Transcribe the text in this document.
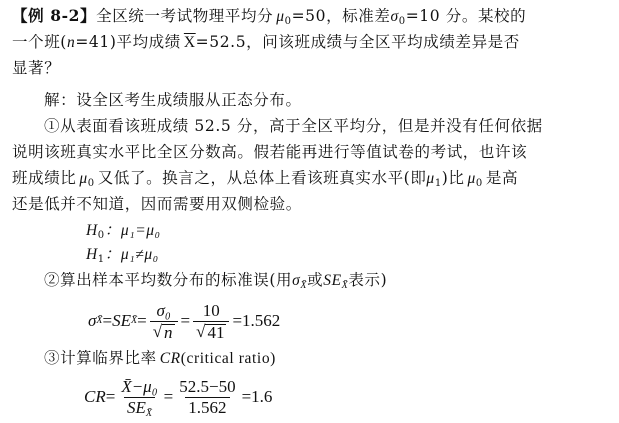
【例 8-2】全区统一考试物理平均分 $\mu_0=50$，标准差$\sigma_0=10$ 分。某校的
一个班(n=41)平均成绩 $\overline{X}=52.5$，问该班成绩与全区平均成绩差异是否
显著？
解：设全区考生成绩服从正态分布。
①从表面看该班成绩 52.5 分，高于全区平均分，但是并没有任何依据
说明该班真实水平比全区分数高。假若能再进行等值试卷的考试，也许该
班成绩比 $\mu_0$ 又低了。换言之，从总体上看该班真实水平(即$\mu_1$)比 $\mu_0$ 是高
还是低并不知道，因而需要用双侧检验。
$H_0$：μ₁=μ₀
$H_1$：μ₁≠μ₀
②算出样本平均数分布的标准误(用$\sigma_{X̄}$或$SE_{X̄}$表示)
σ X̄ = SE X̄ = $\frac{\text{σ₀}}{√ n} = \frac{10}{√ 41} =1.562$
③计算临界比率 CR(critical ratio)
CR = $\frac{\text{X̄−μ₀}}{SE_{X̄}} = \frac{52.5-50}{1.562} =1.6$
